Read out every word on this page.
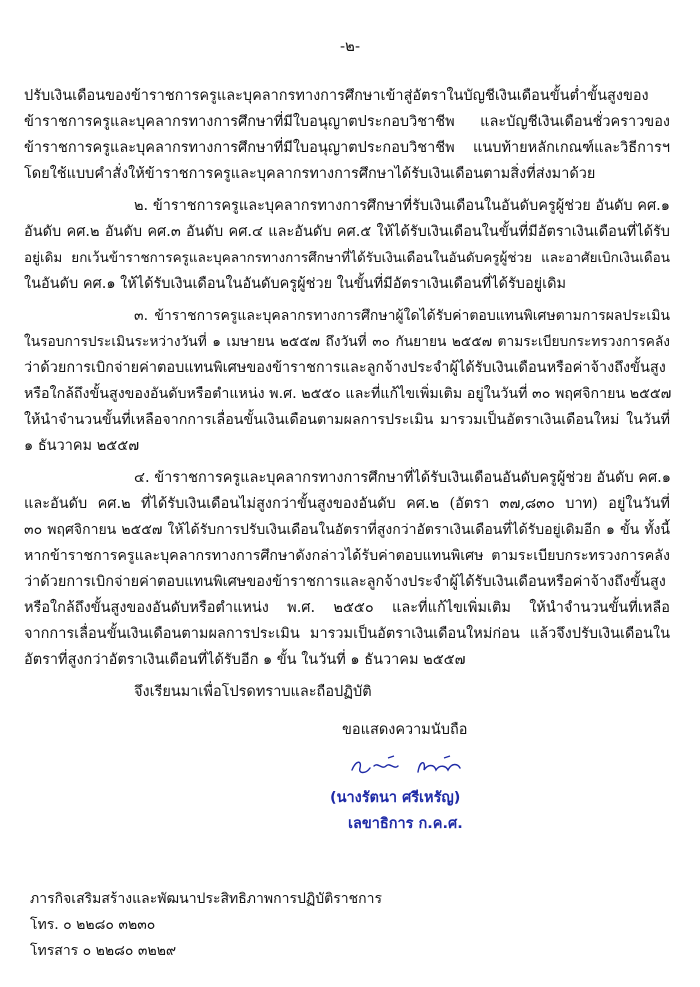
-๒-
ปรับเงินเดือนของข้าราชการครูและบุคลากรทางการศึกษาเข้าสู่อัตราในบัญชีเงินเดือนขั้นต่ำขั้นสูงของ
ข้าราชการครูและบุคลากรทางการศึกษาที่มีใบอนุญาตประกอบวิชาชีพ และบัญชีเงินเดือนชั่วคราวของ
ข้าราชการครูและบุคลากรทางการศึกษาที่มีใบอนุญาตประกอบวิชาชีพ แนบท้ายหลักเกณฑ์และวิธีการฯ
โดยใช้แบบคำสั่งให้ข้าราชการครูและบุคลากรทางการศึกษาได้รับเงินเดือนตามสิ่งที่ส่งมาด้วย
๒. ข้าราชการครูและบุคลากรทางการศึกษาที่รับเงินเดือนในอันดับครูผู้ช่วย อันดับ คศ.๑
อันดับ คศ.๒ อันดับ คศ.๓ อันดับ คศ.๔ และอันดับ คศ.๕ ให้ได้รับเงินเดือนในขั้นที่มีอัตราเงินเดือนที่ได้รับ
อยู่เดิม ยกเว้นข้าราชการครูและบุคลากรทางการศึกษาที่ได้รับเงินเดือนในอันดับครูผู้ช่วย และอาศัยเบิกเงินเดือน
ในอันดับ คศ.๑ ให้ได้รับเงินเดือนในอันดับครูผู้ช่วย ในขั้นที่มีอัตราเงินเดือนที่ได้รับอยู่เดิม
๓. ข้าราชการครูและบุคลากรทางการศึกษาผู้ใดได้รับค่าตอบแทนพิเศษตามการผลประเมิน
ในรอบการประเมินระหว่างวันที่ ๑ เมษายน ๒๕๕๗ ถึงวันที่ ๓๐ กันยายน ๒๕๕๗ ตามระเบียบกระทรวงการคลัง
ว่าด้วยการเบิกจ่ายค่าตอบแทนพิเศษของข้าราชการและลูกจ้างประจำผู้ได้รับเงินเดือนหรือค่าจ้างถึงขั้นสูง
หรือใกล้ถึงขั้นสูงของอันดับหรือตำแหน่ง พ.ศ. ๒๕๕๐ และที่แก้ไขเพิ่มเติม อยู่ในวันที่ ๓๐ พฤศจิกายน ๒๕๕๗
ให้นำจำนวนขั้นที่เหลือจากการเลื่อนขั้นเงินเดือนตามผลการประเมิน มารวมเป็นอัตราเงินเดือนใหม่ ในวันที่
๑ ธันวาคม ๒๕๕๗
๔. ข้าราชการครูและบุคลากรทางการศึกษาที่ได้รับเงินเดือนอันดับครูผู้ช่วย อันดับ คศ.๑
และอันดับ คศ.๒ ที่ได้รับเงินเดือนไม่สูงกว่าขั้นสูงของอันดับ คศ.๒ (อัตรา ๓๗,๘๓๐ บาท) อยู่ในวันที่
๓๐ พฤศจิกายน ๒๕๕๗ ให้ได้รับการปรับเงินเดือนในอัตราที่สูงกว่าอัตราเงินเดือนที่ได้รับอยู่เดิมอีก ๑ ขั้น ทั้งนี้
หากข้าราชการครูและบุคลากรทางการศึกษาดังกล่าวได้รับค่าตอบแทนพิเศษ ตามระเบียบกระทรวงการคลัง
ว่าด้วยการเบิกจ่ายค่าตอบแทนพิเศษของข้าราชการและลูกจ้างประจำผู้ได้รับเงินเดือนหรือค่าจ้างถึงขั้นสูง
หรือใกล้ถึงขั้นสูงของอันดับหรือตำแหน่ง พ.ศ. ๒๕๕๐ และที่แก้ไขเพิ่มเติม ให้นำจำนวนขั้นที่เหลือ
จากการเลื่อนขั้นเงินเดือนตามผลการประเมิน มารวมเป็นอัตราเงินเดือนใหม่ก่อน แล้วจึงปรับเงินเดือนใน
อัตราที่สูงกว่าอัตราเงินเดือนที่ได้รับอีก ๑ ขั้น ในวันที่ ๑ ธันวาคม ๒๕๕๗
จึงเรียนมาเพื่อโปรดทราบและถือปฏิบัติ
ขอแสดงความนับถือ
(นางรัตนา ศรีเหรัญ)
เลขาธิการ ก.ค.ศ.
ภารกิจเสริมสร้างและพัฒนาประสิทธิภาพการปฏิบัติราชการ
โทร. ๐ ๒๒๘๐ ๓๒๓๐
โทรสาร ๐ ๒๒๘๐ ๓๒๒๙
